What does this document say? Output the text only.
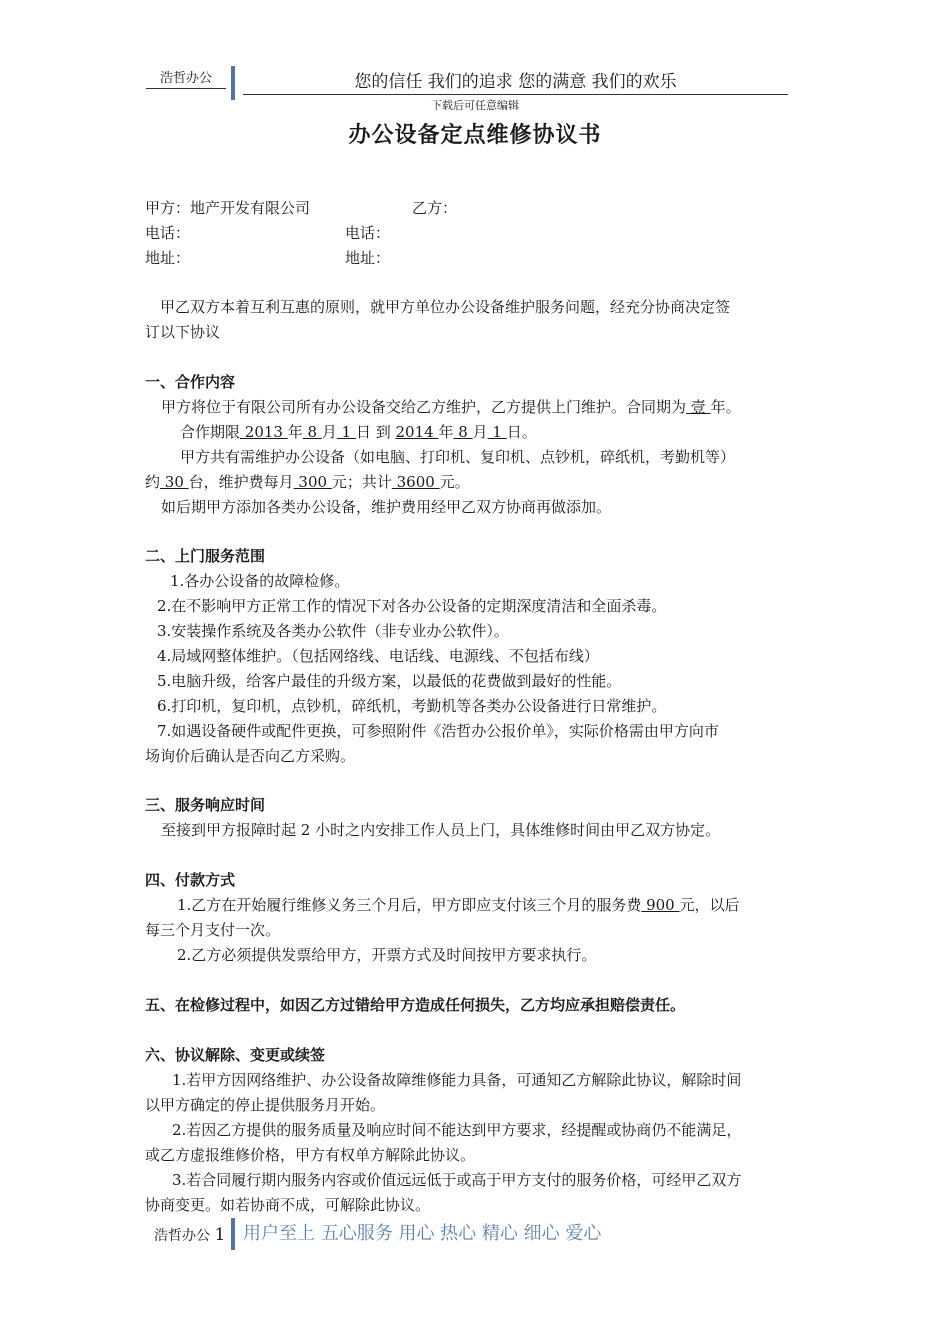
浩哲办公	您的信任 我们的追求 您的满意 我们的欢乐
下载后可任意编辑
办公设备定点维修协议书
甲方：地产开发有限公司	乙方：
电话：	电话：
地址：	地址：
甲乙双方本着互利互惠的原则，就甲方单位办公设备维护服务问题，经充分协商决定签
订以下协议
一、合作内容
甲方将位于有限公司所有办公设备交给乙方维护，乙方提供上门维护。合同期为 壹 年。
合作期限 2013 年 8 月 1 日 到 2014 年 8 月 1 日。
甲方共有需维护办公设备（如电脑、打印机、复印机、点钞机，碎纸机，考勤机等）
约 30 台，维护费每月 300 元；共计 3600 元。
如后期甲方添加各类办公设备，维护费用经甲乙双方协商再做添加。
二、上门服务范围
1.各办公设备的故障检修。
2.在不影响甲方正常工作的情况下对各办公设备的定期深度清洁和全面杀毒。
3.安装操作系统及各类办公软件（非专业办公软件）。
4.局域网整体维护。（包括网络线、电话线、电源线、不包括布线）
5.电脑升级，给客户最佳的升级方案，以最低的花费做到最好的性能。
6.打印机，复印机，点钞机，碎纸机，考勤机等各类办公设备进行日常维护。
7.如遇设备硬件或配件更换，可参照附件《浩哲办公报价单》，实际价格需由甲方向市
场询价后确认是否向乙方采购。
三、服务响应时间
至接到甲方报障时起 2 小时之内安排工作人员上门，具体维修时间由甲乙双方协定。
四、付款方式
1.乙方在开始履行维修义务三个月后，甲方即应支付该三个月的服务费 900 元，以后
每三个月支付一次。
2.乙方必须提供发票给甲方，开票方式及时间按甲方要求执行。
五、在检修过程中，如因乙方过错给甲方造成任何损失，乙方均应承担赔偿责任。
六、协议解除、变更或续签
1.若甲方因网络维护、办公设备故障维修能力具备，可通知乙方解除此协议，解除时间
以甲方确定的停止提供服务月开始。
2.若因乙方提供的服务质量及响应时间不能达到甲方要求，经提醒或协商仍不能满足，
或乙方虚报维修价格，甲方有权单方解除此协议。
3.若合同履行期内服务内容或价值远远低于或高于甲方支付的服务价格，可经甲乙双方
协商变更。如若协商不成，可解除此协议。
浩哲办公 1 用户至上 五心服务 用心 热心 精心 细心 爱心
